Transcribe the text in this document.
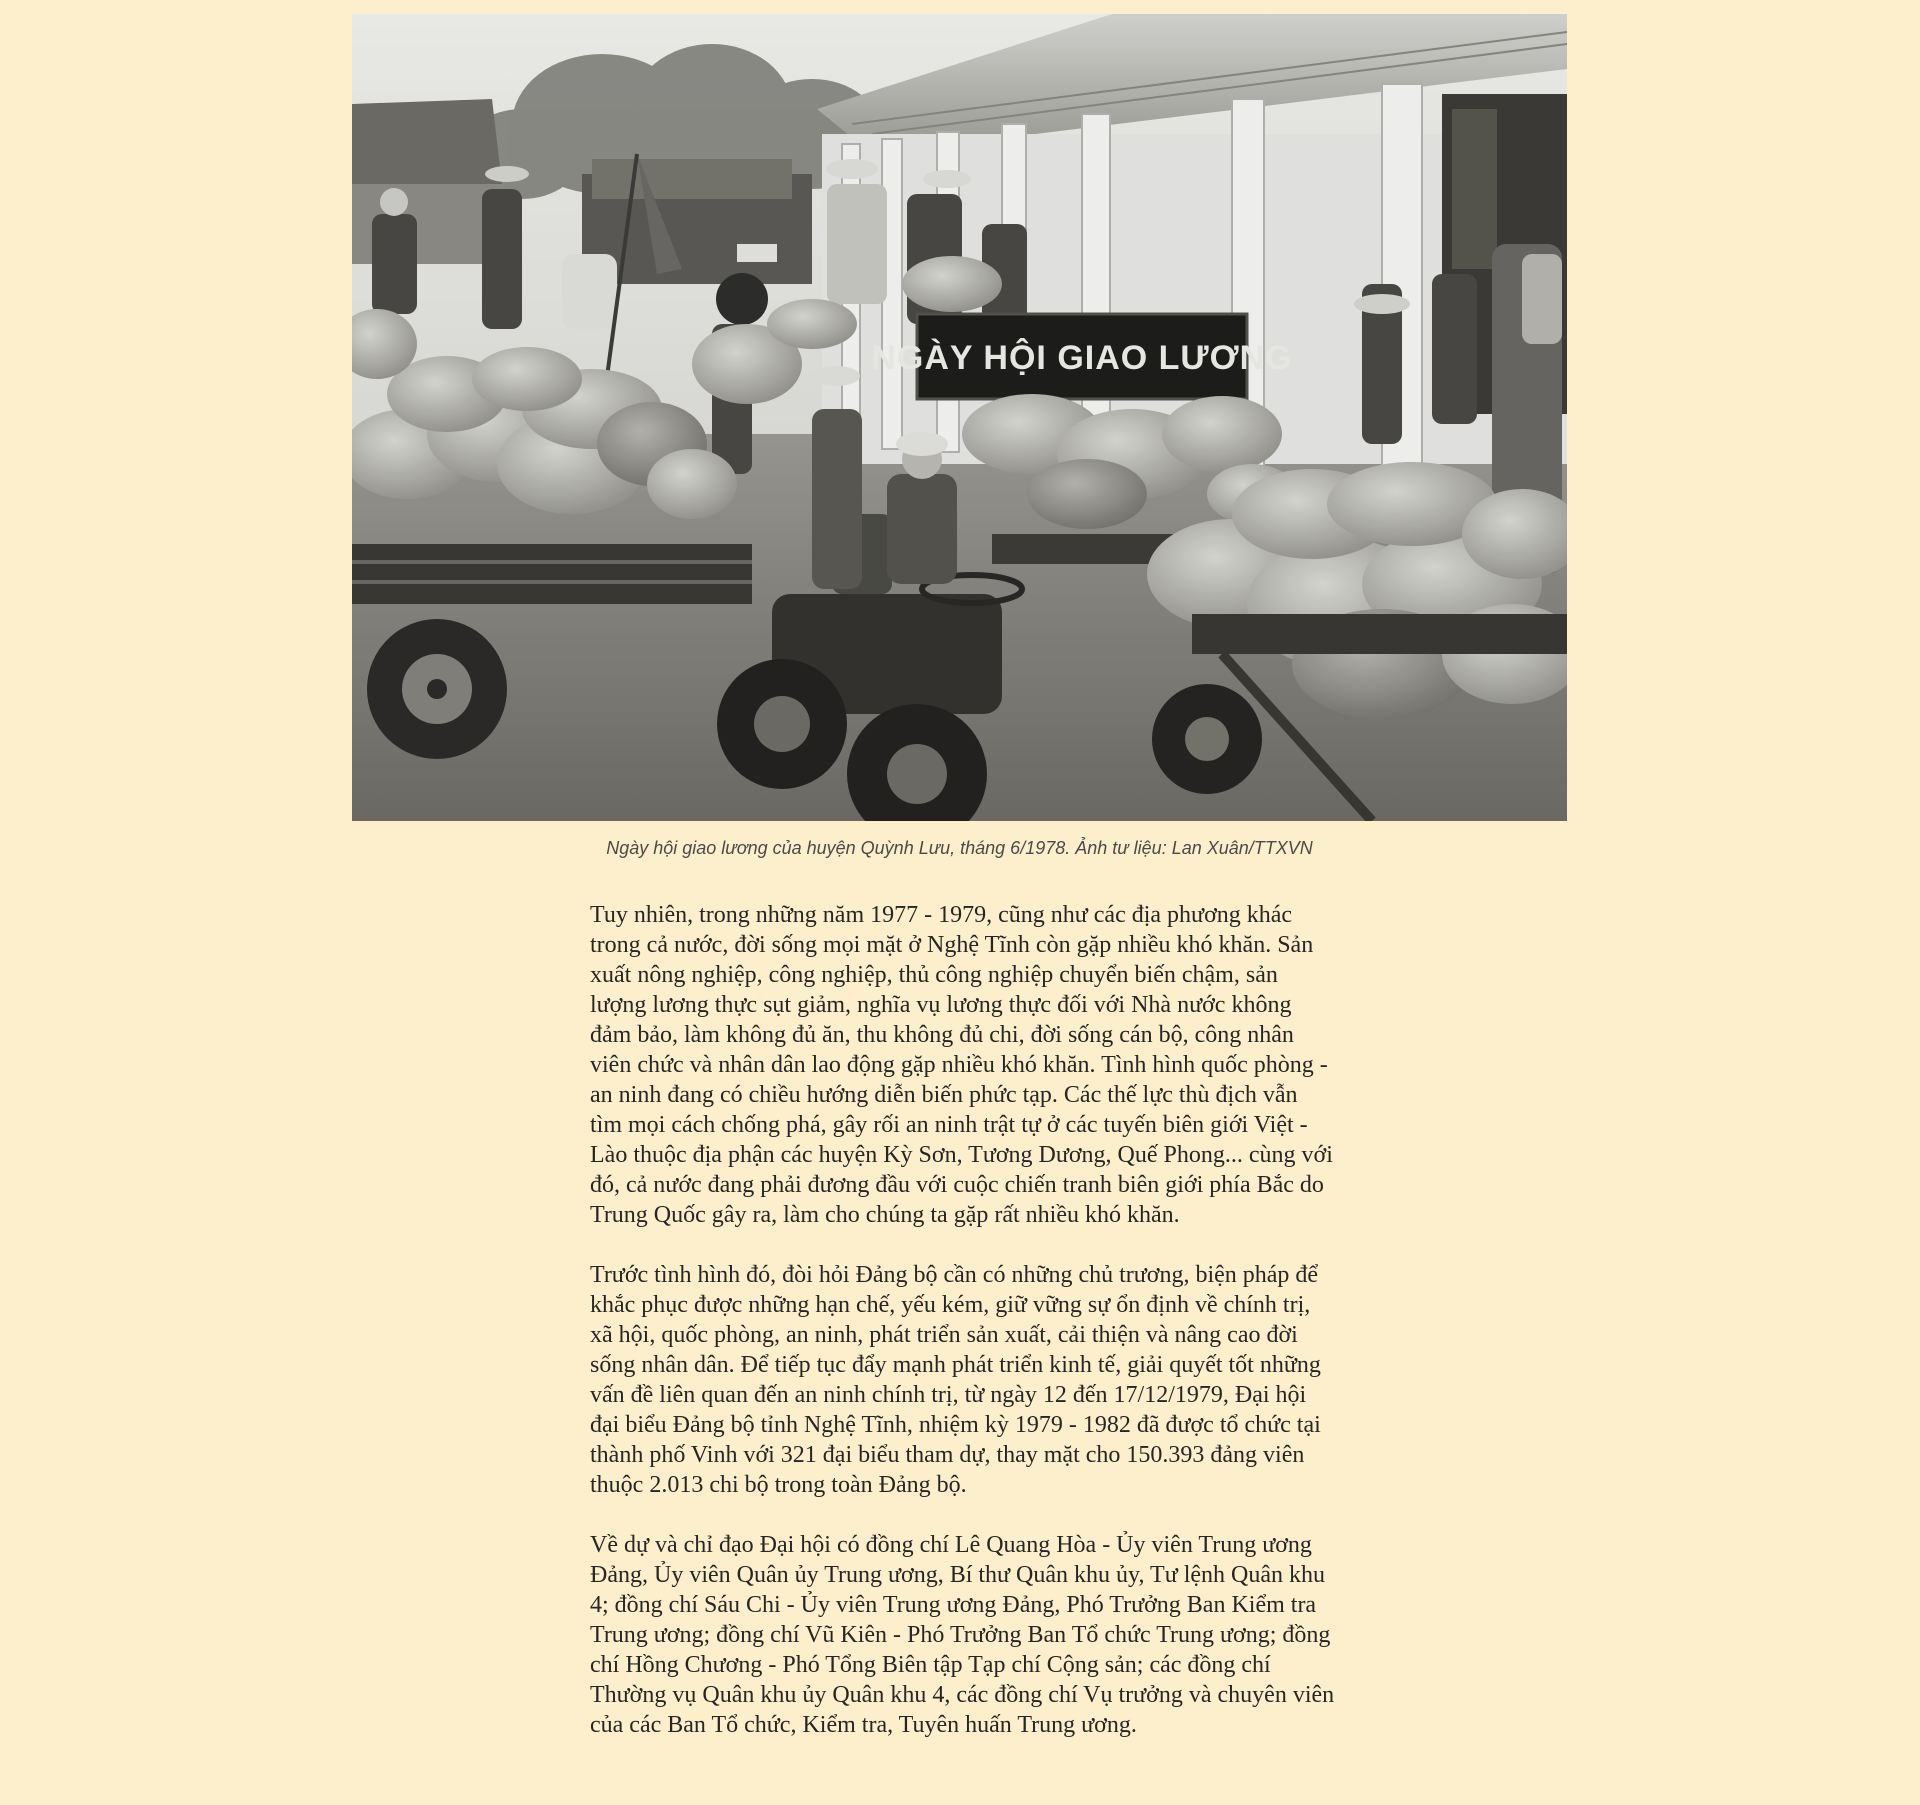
NGÀY HỘI GIAO LƯƠNG
Ngày hội giao lương của huyện Quỳnh Lưu, tháng 6/1978. Ảnh tư liệu: Lan Xuân/TTXVN

Tuy nhiên, trong những năm 1977 - 1979, cũng như các địa phương khác trong cả nước, đời sống mọi mặt ở Nghệ Tĩnh còn gặp nhiều khó khăn. Sản xuất nông nghiệp, công nghiệp, thủ công nghiệp chuyển biến chậm, sản lượng lương thực sụt giảm, nghĩa vụ lương thực đối với Nhà nước không đảm bảo, làm không đủ ăn, thu không đủ chi, đời sống cán bộ, công nhân viên chức và nhân dân lao động gặp nhiều khó khăn. Tình hình quốc phòng - an ninh đang có chiều hướng diễn biến phức tạp. Các thế lực thù địch vẫn tìm mọi cách chống phá, gây rối an ninh trật tự ở các tuyến biên giới Việt - Lào thuộc địa phận các huyện Kỳ Sơn, Tương Dương, Quế Phong... cùng với đó, cả nước đang phải đương đầu với cuộc chiến tranh biên giới phía Bắc do Trung Quốc gây ra, làm cho chúng ta gặp rất nhiều khó khăn.

Trước tình hình đó, đòi hỏi Đảng bộ cần có những chủ trương, biện pháp để khắc phục được những hạn chế, yếu kém, giữ vững sự ổn định về chính trị, xã hội, quốc phòng, an ninh, phát triển sản xuất, cải thiện và nâng cao đời sống nhân dân. Để tiếp tục đẩy mạnh phát triển kinh tế, giải quyết tốt những vấn đề liên quan đến an ninh chính trị, từ ngày 12 đến 17/12/1979, Đại hội đại biểu Đảng bộ tỉnh Nghệ Tĩnh, nhiệm kỳ 1979 - 1982 đã được tổ chức tại thành phố Vinh với 321 đại biểu tham dự, thay mặt cho 150.393 đảng viên thuộc 2.013 chi bộ trong toàn Đảng bộ.

Về dự và chỉ đạo Đại hội có đồng chí Lê Quang Hòa - Ủy viên Trung ương Đảng, Ủy viên Quân ủy Trung ương, Bí thư Quân khu ủy, Tư lệnh Quân khu 4; đồng chí Sáu Chi - Ủy viên Trung ương Đảng, Phó Trưởng Ban Kiểm tra Trung ương; đồng chí Vũ Kiên - Phó Trưởng Ban Tổ chức Trung ương; đồng chí Hồng Chương - Phó Tổng Biên tập Tạp chí Cộng sản; các đồng chí Thường vụ Quân khu ủy Quân khu 4, các đồng chí Vụ trưởng và chuyên viên của các Ban Tổ chức, Kiểm tra, Tuyên huấn Trung ương.
